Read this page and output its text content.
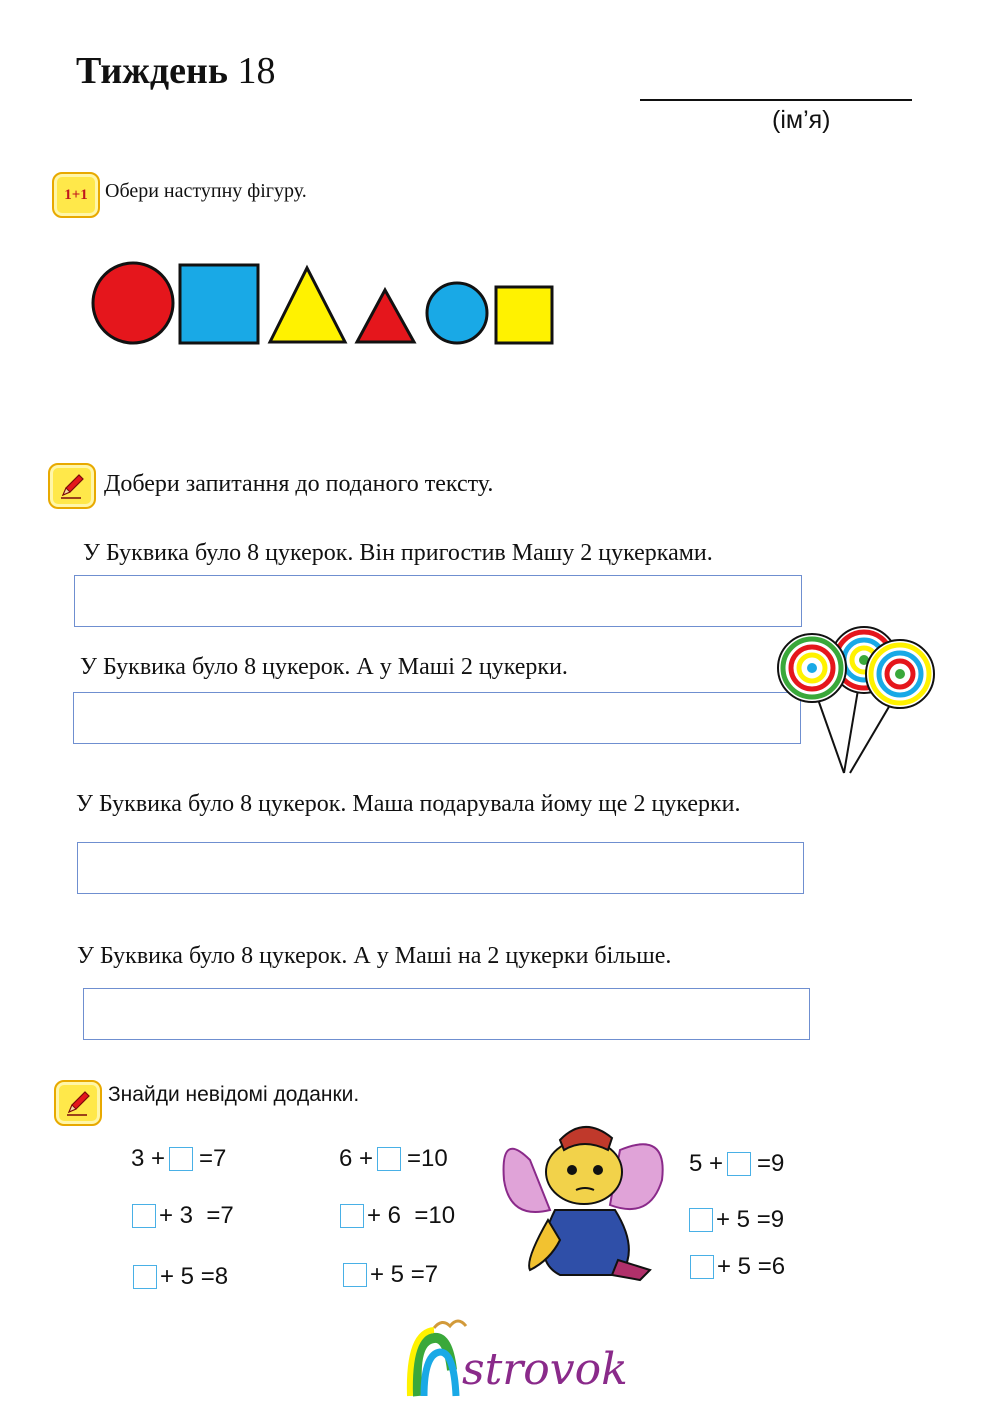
Тиждень 18
(ім’я)
1+1 Обери наступну фігуру.
Добери запитання до поданого тексту.
У Буквика було 8 цукерок. Він пригостив Машу 2 цукерками.
У Буквика було 8 цукерок. А у Маші 2 цукерки.
У Буквика було 8 цукерок. Маша подарувала йому ще 2 цукерки.
У Буквика було 8 цукерок. А у Маші на 2 цукерки більше.
Знайди невідомі доданки.
3 + =7
+ 3  =7
+ 5 =8
6 + =10
+ 6  =10
+ 5 =7
5 + =9
+ 5 =9
+ 5 =6
strovok
